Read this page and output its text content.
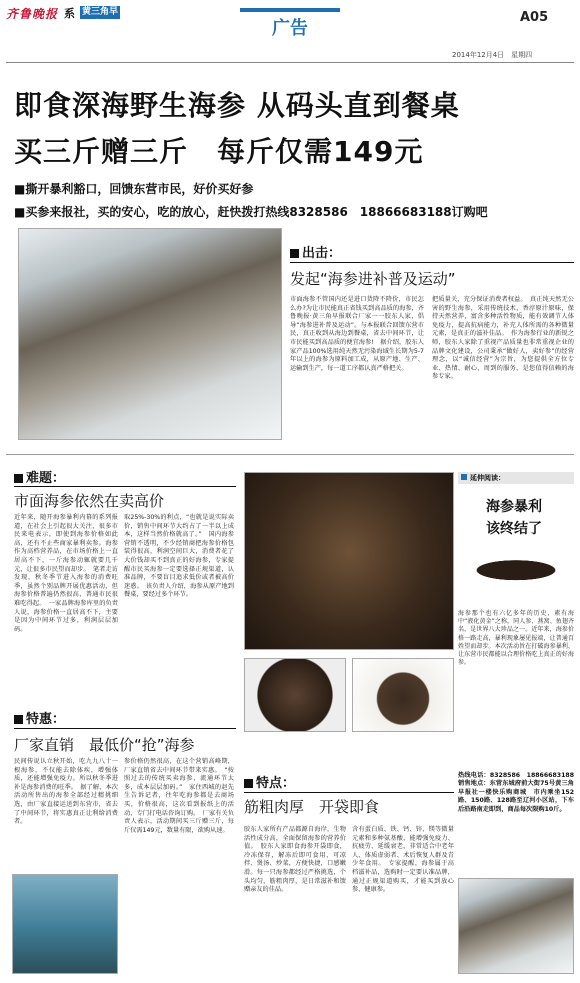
齐鲁晚报 系 黄三角早报	广告
A05
2014年12月4日　星期四
即食深海野生海参 从码头直到餐桌
买三斤赠三斤　每斤仅需149元
■撕开暴利豁口，回馈东营市民，好价买好参
■买参来报社，买的安心，吃的放心，赶快拨打热线8328586　18866683188订购吧
出击：
发起“海参进补普及运动”
市面海参不管国内还是进口货降不降价，市民怎么办?为让市民能真正省钱买到高品质的海参，齐鲁晚报·黄三角早报联合厂家一一胶东人家，倡导“海参进补普及运动”。与本报联合回馈东营市民，真正收到从海边到餐桌，省去中间环节，让市民能买到高品质的便宜海参!　据介绍，胶东人家产品100%选用纯天然无污染海域生长期为5-7年以上的海参为原料加工成，从原产地、生产、运输到生产，每一道工序都认真严格把关。
把质量关，充分保证消费者权益。　真正纯天然无公害的野生海参，采用传统技术，香淳原汁原味，保持天然营养，富含多种活性物质，能有效调节人体免疫力，提高抗病能力，补充人体所需的各种微量元素，是真正的滋补佳品。　作为海参行业的新锐之师，胶东人家除了重视产品质量也非常重视企业的品牌文化建设，公司秉承“做好人，卖好参”的经营理念，以“诚信经营”为宗旨，为您提供全方位专业、热情、耐心、周到的服务，是您值得信赖的海参专家。
难题：
市面海参依然在卖高价
近年来，随开海参暴利内幕的系列报道，在社会上引起很大关注，很多市民来电表示，即使到海参价格如此高，还有不止些商家暴利卖参。海参作为高档营养品，在市场价格上一直居高不下，一斤海参动辄就要几千元，让很多市民望而却步。　笔者走访发现，秋冬季节进入海参的消费旺季，虽然个别品牌开展优惠活动，但海参价格普遍仍然很高，普通市民很难吃得起。　一家品牌海参库里的负责人说，海参价格一直居高不下，主要是因为中间环节过多，利润层层加码。
取25%-30%的利点，“也就是说实际卖价，销售中间环节大约占了一半以上成本，这样当然价格就高了。”　国内海参营销不透明，不少经销商把海参价格包装得很高，利润空间巨大，消费者花了大价钱却买不到真正的好海参，专家提醒市民买海参一定要选择正规渠道，认准品牌，不要盲目追求低价或者被高价迷惑。　该负责人介绍，海参从原产地到餐桌，要经过多个环节。
延伸阅读：
海参暴利
该终结了
海参那个也有六亿多年的历史，素有海中“液化黄金”之称，同人参、燕窝、鱼翅齐名，是世界八大珍品之一。近年来，海参价格一路走高，暴利现象屡见报端，让普通百姓望而却步。本次活动旨在打破海参暴利，让东营市民都能以合理价格吃上真正的好海参。
热线电话：8328586　18866683188　销售地点：东营东城府前大街75号黄三角早报社一楼快乐购商城　市内乘坐152路、150路、128路至辽河小区站，下车后沿路南走即到，商品每次限购10斤。
特惠：
厂家直销　最低价“抢”海参
民间传说认立秋开始，吃九九八十一根海参，不仅能去除体疾，增强体质，还能增强免疫力。所以秋冬季进补是海参消费的旺季。　据了解，本次活动所售出的海参全部经过精挑细选，由厂家直接运送到东营市，省去了中间环节，将实惠真正让利给消费者。
参价格仍然很高，在这个营销高峰期，厂家直销省去中间环节带来实惠。　“按照过去的传统买卖海参，流通环节太多，成本层层加码。”　家住西城的赵先生告诉记者，往年吃海参都是去商场买，价格很高，这次看到报纸上的活动，专门打电话咨询订购。　厂家有关负责人表示，活动期间买三斤赠三斤，每斤仅需149元，数量有限，欲购从速。
特点：
筋粗肉厚　开袋即食
胶东人家所有产品都源自海岸，生物活性成分高，全面保留海参的营养价值。　胶东人家即食海参开袋即食，冷冻保存，解冻后即可食用，可凉拌、煲汤、炒菜，方便快捷，口感嫩滑。每一只海参都经过严格挑选，个头均匀，筋粗肉厚，是日常滋补和馈赠亲友的佳品。
含有蛋白质、铁、钙、锌、镁等微量元素和多种氨基酸，能增强免疫力、抗疲劳、延缓衰老，非常适合中老年人、体质虚弱者、术后恢复人群及青少年食用。　专家提醒，海参属于高档滋补品，选购时一定要认准品牌，通过正规渠道购买，才能买到放心参、健康参。
